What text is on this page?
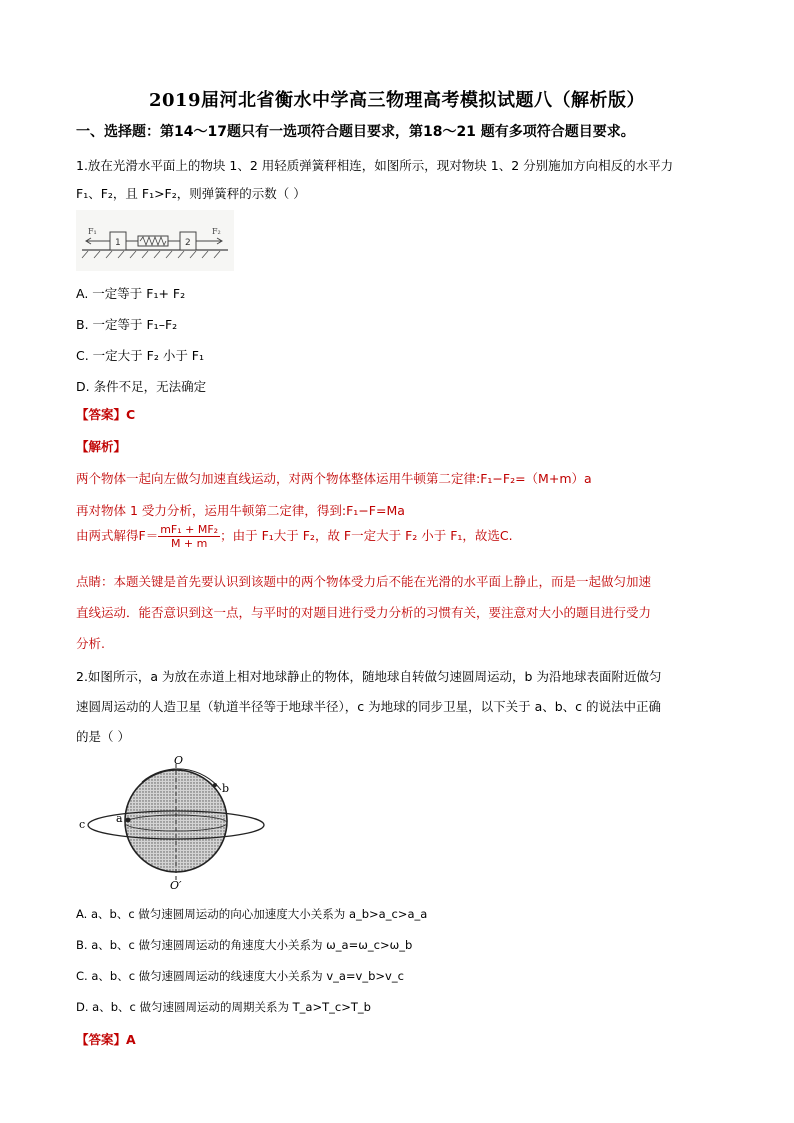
2019届河北省衡水中学高三物理高考模拟试题八（解析版）
一、选择题：第14～17题只有一选项符合题目要求，第18～21 题有多项符合题目要求。
1.放在光滑水平面上的物块 1、2 用轻质弹簧秤相连，如图所示，现对物块 1、2 分别施加方向相反的水平力
F₁、F₂，且 F₁>F₂，则弹簧秤的示数（ ）
F₁	F₂
1	2
A. 一定等于 F₁+ F₂
B. 一定等于 F₁–F₂
C. 一定大于 F₂ 小于 F₁
D. 条件不足，无法确定
【答案】C
【解析】
两个物体一起向左做匀加速直线运动，对两个物体整体运用牛顿第二定律:F₁−F₂=（M+m）a
再对物体 1 受力分析，运用牛顿第二定律，得到:F₁−F=Ma
由两式解得$F= \frac{\text{mF₁ + MF₂}}{M + m}$ ；由于 F₁大于 F₂，故 F一定大于 F₂ 小于 F₁，故选C.
点睛：本题关键是首先要认识到该题中的两个物体受力后不能在光滑的水平面上静止，而是一起做匀加速
直线运动．能否意识到这一点，与平时的对题目进行受力分析的习惯有关，要注意对大小的题目进行受力
分析.
2.如图所示，a 为放在赤道上相对地球静止的物体，随地球自转做匀速圆周运动，b 为沿地球表面附近做匀
速圆周运动的人造卫星（轨道半径等于地球半径），c 为地球的同步卫星，以下关于 a、b、c 的说法中正确
的是（ ）
O
O′
a
b
c
A. a、b、c 做匀速圆周运动的向心加速度大小关系为 a_b>a_c>a_a
B. a、b、c 做匀速圆周运动的角速度大小关系为 ω_a=ω_c>ω_b
C. a、b、c 做匀速圆周运动的线速度大小关系为 v_a=v_b>v_c
D. a、b、c 做匀速圆周运动的周期关系为 T_a>T_c>T_b
【答案】A
